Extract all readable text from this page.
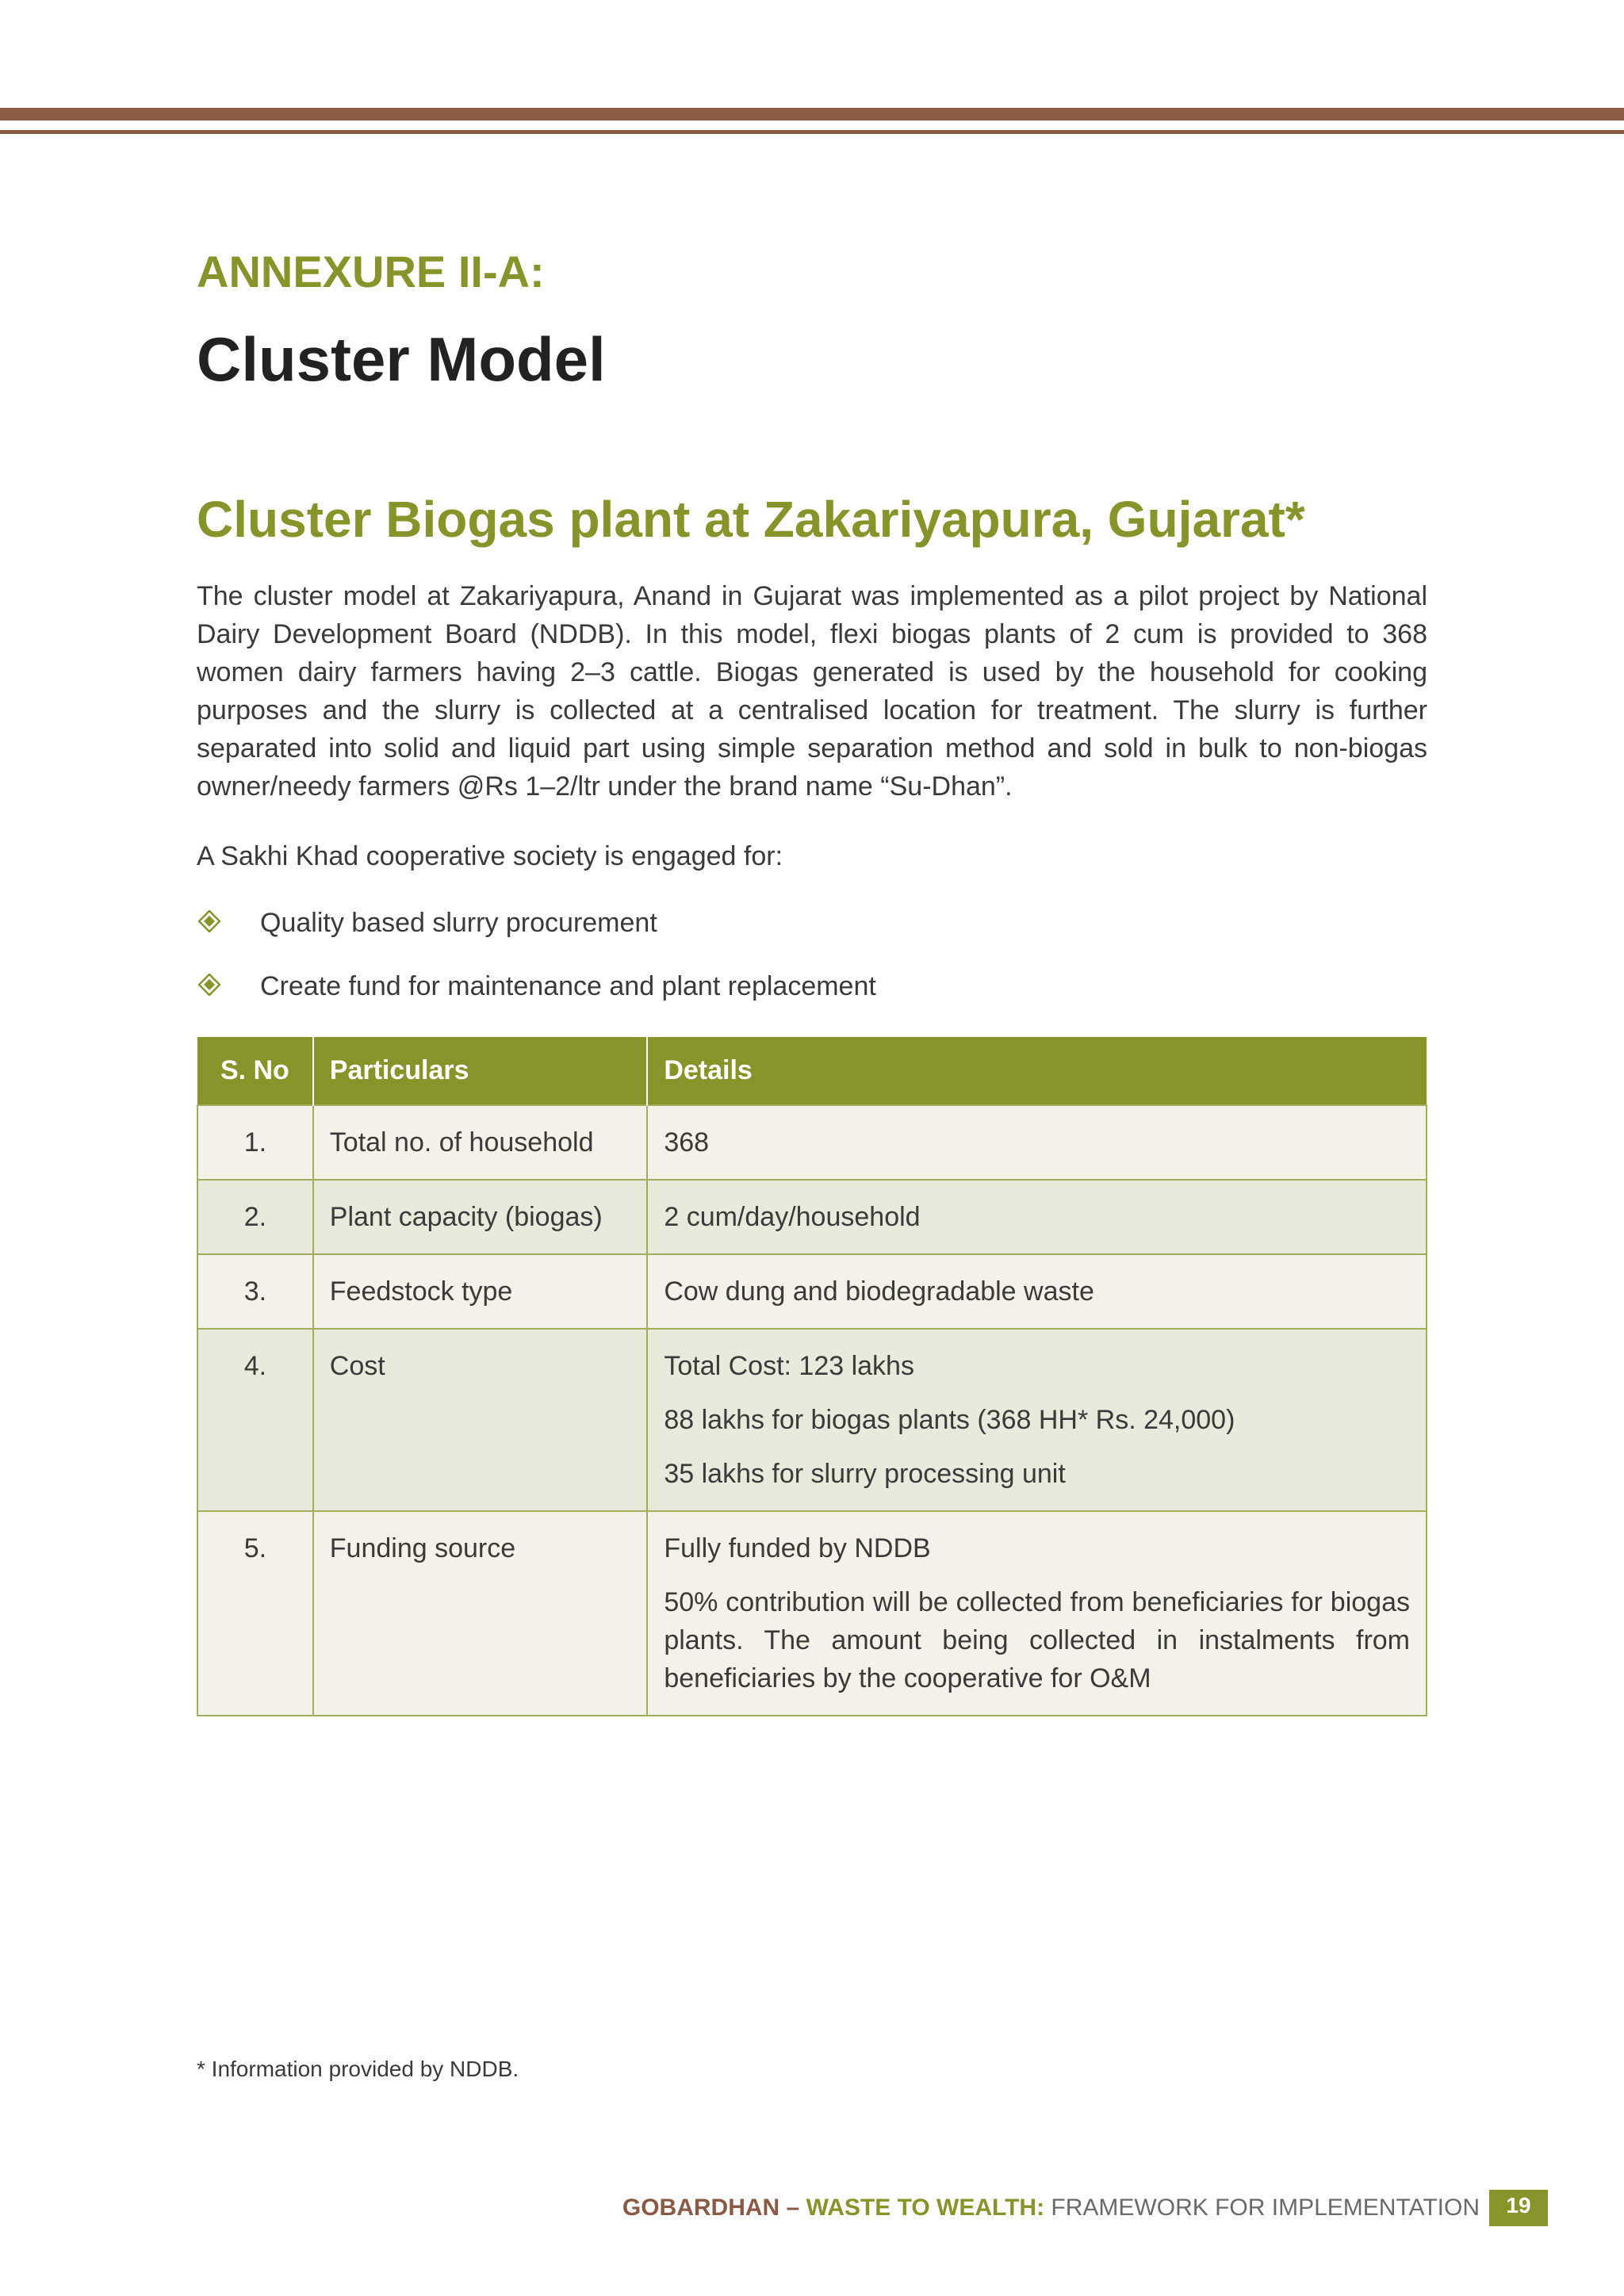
ANNEXURE II-A:
Cluster Model
Cluster Biogas plant at Zakariyapura, Gujarat*

The cluster model at Zakariyapura, Anand in Gujarat was implemented as a pilot project by National Dairy Development Board (NDDB). In this model, flexi biogas plants of 2 cum is provided to 368 women dairy farmers having 2–3 cattle. Biogas generated is used by the household for cooking purposes and the slurry is collected at a centralised location for treatment. The slurry is further separated into solid and liquid part using simple separation method and sold in bulk to non-biogas owner/needy farmers @Rs 1–2/ltr under the brand name “Su-Dhan”.

A Sakhi Khad cooperative society is engaged for:
Quality based slurry procurement
Create fund for maintenance and plant replacement
S. No	Particulars	Details
1.	Total no. of household	368

2.	Plant capacity (biogas)	2 cum/day/household

3.	Feedstock type	Cow dung and biodegradable waste

4.	Cost	Total Cost: 123 lakhs
88 lakhs for biogas plants (368 HH* Rs. 24,000)
35 lakhs for slurry processing unit

5.	Funding source	Fully funded by NDDB
50% contribution will be collected from beneficiaries for biogas plants. The amount being collected in instalments from beneficiaries by the cooperative for O&M
* Information provided by NDDB.
GOBARDHAN – WASTE TO WEALTH: FRAMEWORK FOR IMPLEMENTATION	19
